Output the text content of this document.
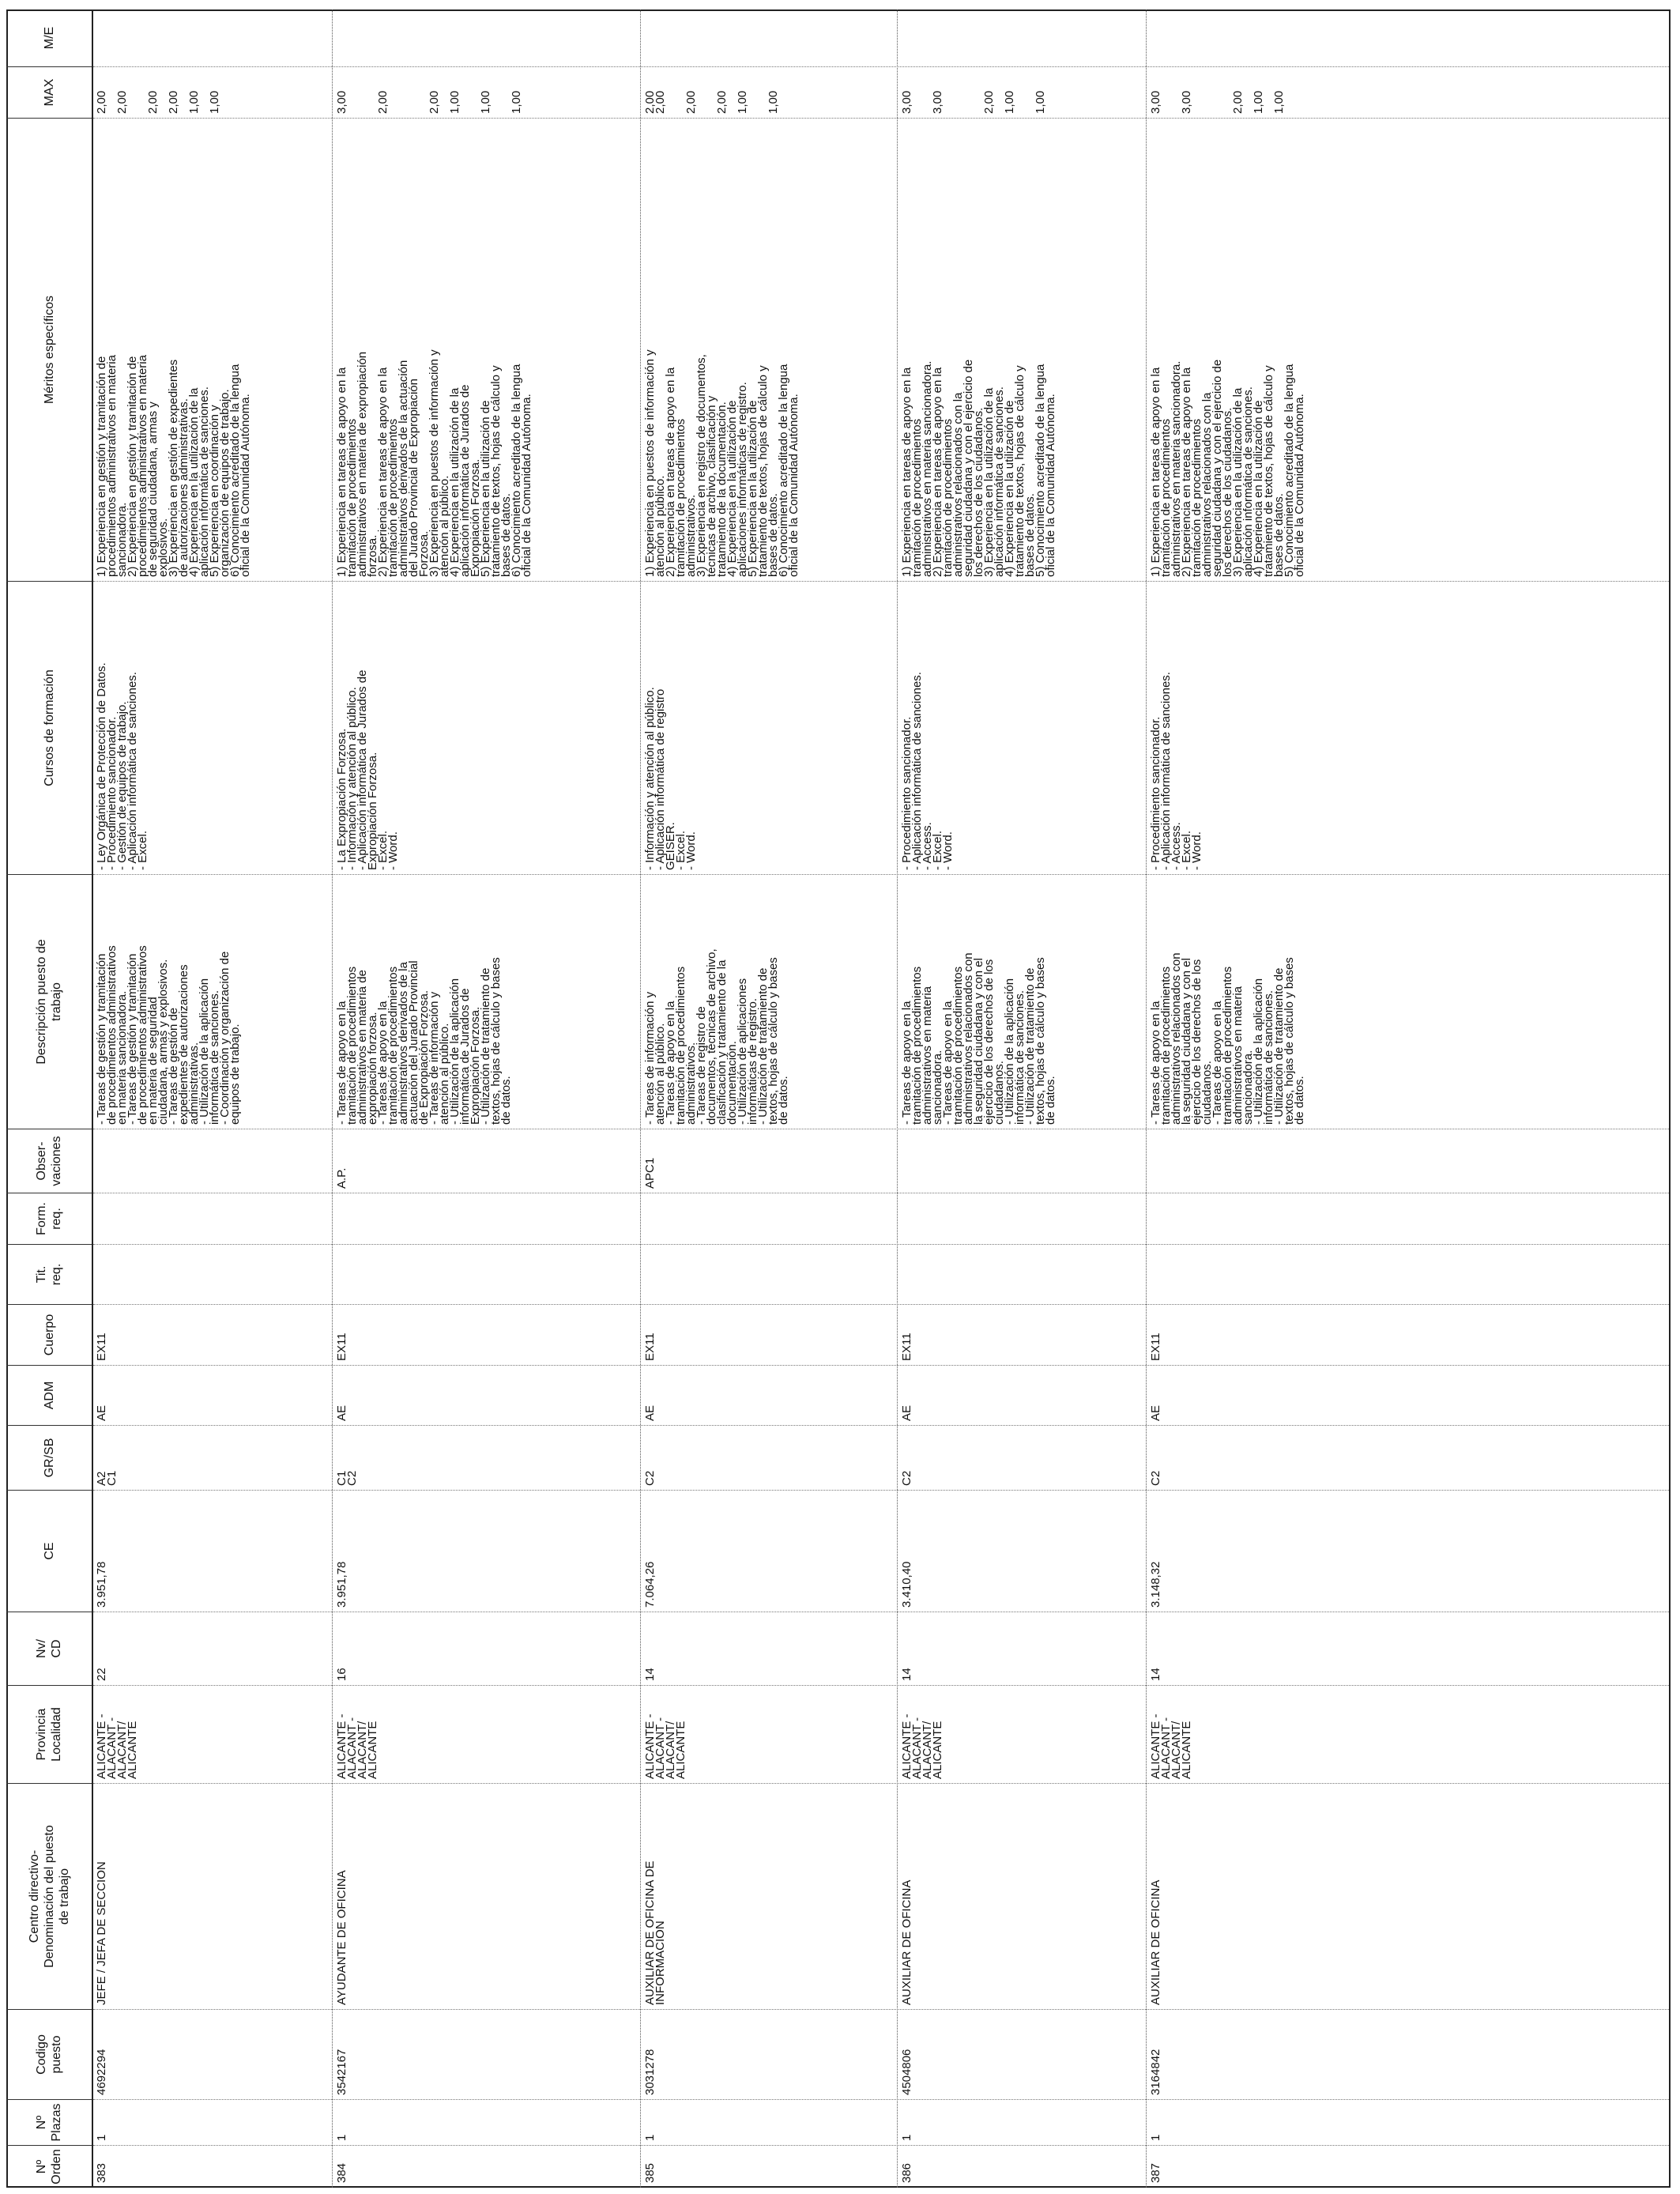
Nº
Orden
Nº
Plazas
Codigo
puesto
Centro directivo-
Denominación del puesto
de trabajo
Provincia
Localidad
Nv/
CD
CE
GR/SB
ADM
Cuerpo
Tit.
req.
Form.
req.
Obser-
vaciones
Descripción puesto de
trabajo
Cursos de formación
Méritos específicos
MAX
M/E
383
1
4692294
JEFE / JEFA DE SECCION
ALICANTE -
ALACANT -
ALACANT/
ALICANTE
22
3.951,78
A2
C1
AE
EX11
- Tareas de gestión y tramitación
de procedimientos administrativos
en materia sancionadora.
- Tareas de gestión y tramitación
de procedimientos administrativos
en materia de seguridad
ciudadana, armas y explosivos.
- Tareas de gestión de
expedientes de autorizaciones
administrativas.
- Utilización de la aplicación
informática de sanciones.
- Coordinación y organización de
equipos de trabajo.
- Ley Orgánica de Protección de Datos.
- Procedimiento sancionador.
- Gestión de equipos de trabajo.
- Aplicación informática de sanciones.
- Excel.
1) Experiencia en gestión y tramitación de
procedimientos administrativos en materia
sancionadora.
2) Experiencia en gestión y tramitación de
procedimientos administrativos en materia
de seguridad ciudadana, armas y
explosivos.
3) Experiencia en gestión de expedientes
de autorizaciones administrativas.
4) Experiencia en la utilización de la
aplicación informática de sanciones.
5) Experiencia en coordinación y
organización de equipos de trabajo.
6) Conocimiento acreditado de la lengua
oficial de la Comunidad Autónoma.
2,00

2,00

2,00

2,00

1,00

1,00
384
1
3542167
AYUDANTE DE OFICINA
ALICANTE -
ALACANT -
ALACANT/
ALICANTE
16
3.951,78
C1
C2
AE
EX11
A.P.
- Tareas de apoyo en la
tramitación de procedimientos
administrativos en materia de
expropiación forzosa.
- Tareas de apoyo en la
tramitación de procedimientos
administrativos derivados de la
actuación del Jurado Provincial
de Expropiación Forzosa.
- Tareas de información y
atención al público.
- Utilización de la aplicación
informática de Jurados de
Expropiación Forzosa.
- Utilización de tratamiento de
textos, hojas de cálculo y bases
de datos.
- La Expropiación Forzosa.
- Información y atención al público.
- Aplicación informática de Jurados de
Expropiación Forzosa.
- Excel.
- Word.
1) Experiencia en tareas de apoyo en la
tramitación de procedimientos
administrativos en materia de expropiación
forzosa.
2) Experiencia en tareas de apoyo en la
tramitación de procedimientos
administrativos derivados de la actuación
del Jurado Provincial de Expropiación
Forzosa.
3) Experiencia en puestos de información y
atención al público.
4) Experiencia en la utilización de la
aplicación informática de Jurados de
Expropiación Forzosa.
5) Experiencia en la utilización de
tratamiento de textos, hojas de cálculo y
bases de datos.
6) Conocimiento acreditado de la lengua
oficial de la Comunidad Autónoma.
3,00

2,00

2,00

1,00

1,00

1,00
385
1
3031278
AUXILIAR DE OFICINA DE
INFORMACION
ALICANTE -
ALACANT -
ALACANT/
ALICANTE
14
7.064,26
C2
AE
EX11
APC1
- Tareas de información y
atención al público.
- Tareas de apoyo en la
tramitación de procedimientos
administrativos.
- Tareas de registro de
documentos, técnicas de archivo,
clasificación y tratamiento de la
documentación.
- Utilización de aplicaciones
informáticas de registro.
- Utilización de tratamiento de
textos, hojas de cálculo y bases
de datos.
- Información y atención al público.
- Aplicación informática de registro
GEISER.
- Excel.
- Word.
1) Experiencia en puestos de información y
atención al público.
2) Experiencia en tareas de apoyo en la
tramitación de procedimientos
administrativos.
3) Experiencia en registro de documentos,
técnicas de archivo, clasificación y
tratamiento de la documentación.
4) Experiencia en la utilización de
aplicaciones informáticas de registro.
5) Experiencia en la utilización de
tratamiento de textos, hojas de cálculo y
bases de datos.
6) Conocimiento acreditado de la lengua
oficial de la Comunidad Autónoma.
2,00
2,00

2,00

2,00

1,00

1,00
386
1
4504806
AUXILIAR DE OFICINA
ALICANTE -
ALACANT -
ALACANT/
ALICANTE
14
3.410,40
C2
AE
EX11
- Tareas de apoyo en la
tramitación de procedimientos
administrativos en materia
sancionadora.
- Tareas de apoyo en la
tramitación de procedimientos
administrativos relacionados con
la seguridad ciudadana y con el
ejercicio de los derechos de los
ciudadanos.
- Utilización de la aplicación
informática de sanciones.
- Utilización de tratamiento de
textos, hojas de cálculo y bases
de datos.
- Procedimiento sancionador.
- Aplicación informática de sanciones.
- Access.
- Excel.
- Word.
1) Experiencia en tareas de apoyo en la
tramitación de procedimientos
administrativos en materia sancionadora.
2) Experiencia en tareas de apoyo en la
tramitación de procedimientos
administrativos relacionados con la
seguridad ciudadana y con el ejercicio de
los derechos de los ciudadanos.
3) Experiencia en la utilización de la
aplicación informática de sanciones.
4) Experiencia en la utilización de
tratamiento de textos, hojas de cálculo y
bases de datos.
5) Conocimiento acreditado de la lengua
oficial de la Comunidad Autónoma.
3,00

3,00

2,00

1,00

1,00
387
1
3164842
AUXILIAR DE OFICINA
ALICANTE -
ALACANT -
ALACANT/
ALICANTE
14
3.148,32
C2
AE
EX11
- Tareas de apoyo en la
tramitación de procedimientos
administrativos relacionados con
la seguridad ciudadana y con el
ejercicio de los derechos de los
ciudadanos.
- Tareas de apoyo en la
tramitación de procedimientos
administrativos en materia
sancionadora.
- Utilización de la aplicación
informática de sanciones.
- Utilización de tratamiento de
textos, hojas de cálculo y bases
de datos.
- Procedimiento sancionador.
- Aplicación informática de sanciones.
- Access.
- Excel.
- Word.
1) Experiencia en tareas de apoyo en la
tramitación de procedimientos
administrativos en materia sancionadora.
2) Experiencia en tareas de apoyo en la
tramitación de procedimientos
administrativos relacionados con la
seguridad ciudadana y con el ejercicio de
los derechos de los ciudadanos.
3) Experiencia en la utilización de la
aplicación informática de sanciones.
4) Experiencia en la utilización de
tratamiento de textos, hojas de cálculo y
bases de datos.
5) Conocimiento acreditado de la lengua
oficial de la Comunidad Autónoma.
3,00

3,00

2,00

1,00

1,00
